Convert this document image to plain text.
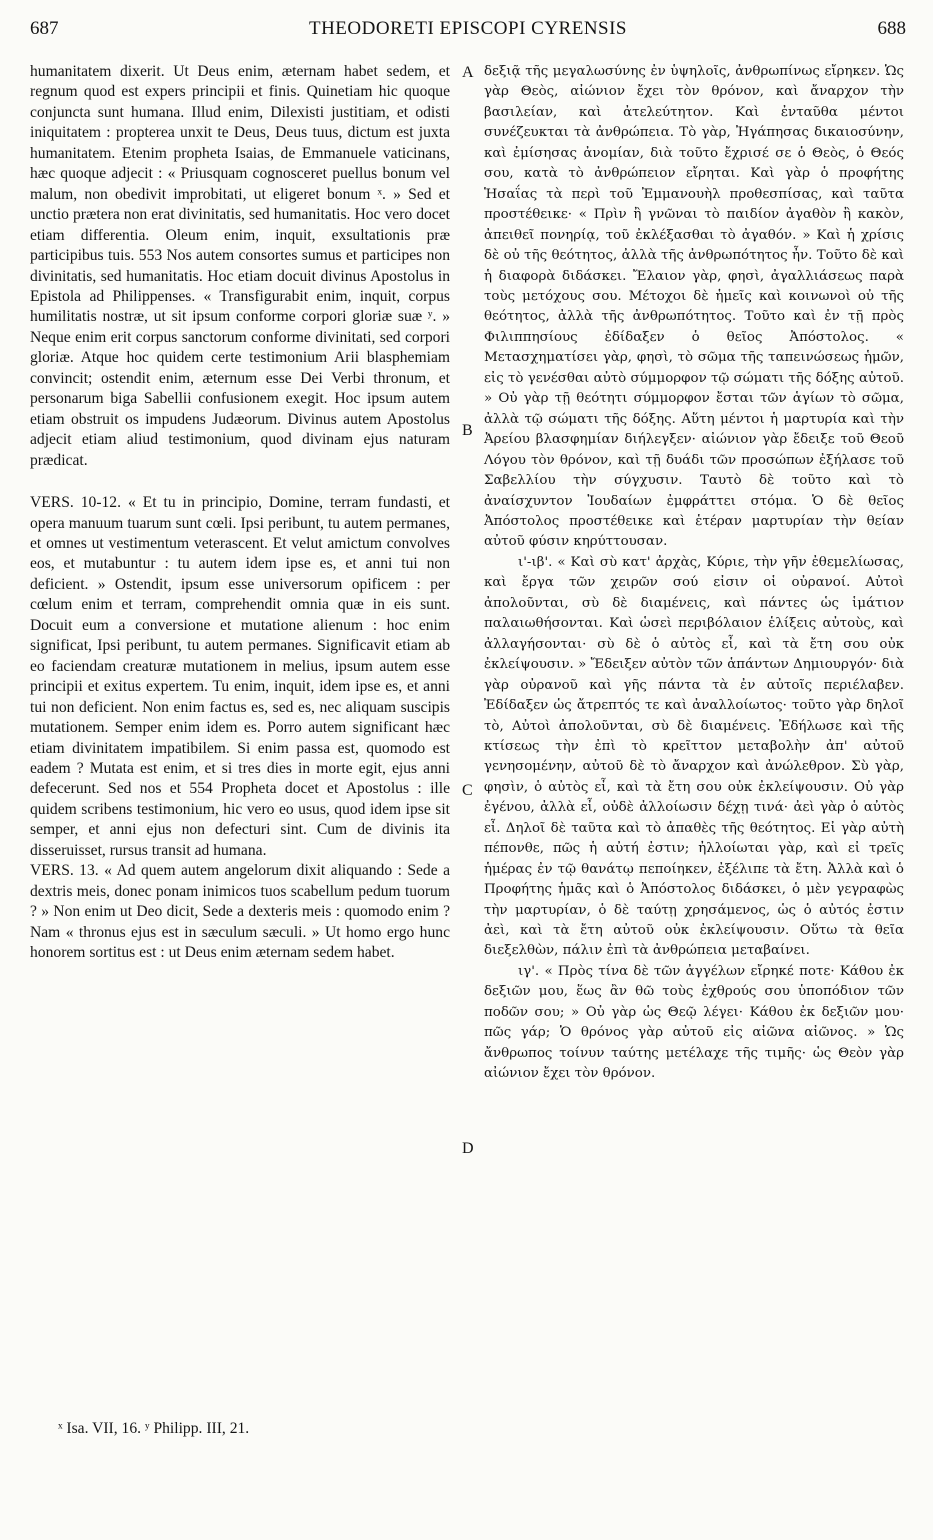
687	THEODORETI EPISCOPI CYRENSIS	688

humanitatem dixerit. Ut Deus enim, æternam habet sedem, et regnum quod est expers principii et finis. Quinetiam hic quoque conjuncta sunt humana. Illud enim, Dilexisti justitiam, et odisti iniquitatem : propterea unxit te Deus, Deus tuus, dictum est juxta humanitatem. Etenim propheta Isaias, de Emmanuele vaticinans, hæc quoque adjecit : « Priusquam cognosceret puellus bonum vel malum, non obedivit improbitati, ut eligeret bonum ˣ. » Sed et unctio prætera non erat divinitatis, sed humanitatis. Hoc vero docet etiam differentia. Oleum enim, inquit, exsultationis præ participibus tuis. 553 Nos autem consortes sumus et participes non divinitatis, sed humanitatis. Hoc etiam docuit divinus Apostolus in Epistola ad Philippenses. « Transfigurabit enim, inquit, corpus humilitatis nostræ, ut sit ipsum conforme corpori gloriæ suæ ʸ. » Neque enim erit corpus sanctorum conforme divinitati, sed corpori gloriæ. Atque hoc quidem certe testimonium Arii blasphemiam convincit; ostendit enim, æternum esse Dei Verbi thronum, et personarum biga Sabellii confusionem exegit. Hoc ipsum autem etiam obstruit os impudens Judæorum. Divinus autem Apostolus adjecit etiam aliud testimonium, quod divinam ejus naturam prædicat.

VERS. 10-12. « Et tu in principio, Domine, terram fundasti, et opera manuum tuarum sunt cœli. Ipsi peribunt, tu autem permanes, et omnes ut vestimentum veterascent. Et velut amictum convolves eos, et mutabuntur : tu autem idem ipse es, et anni tui non deficient. » Ostendit, ipsum esse universorum opificem : per cœlum enim et terram, comprehendit omnia quæ in eis sunt. Docuit eum a conversione et mutatione alienum : hoc enim significat, Ipsi peribunt, tu autem permanes. Significavit etiam ab eo faciendam creaturæ mutationem in melius, ipsum autem esse principii et exitus expertem. Tu enim, inquit, idem ipse es, et anni tui non deficient. Non enim factus es, sed es, nec aliquam suscipis mutationem. Semper enim idem es. Porro autem significant hæc etiam divinitatem impatibilem. Si enim passa est, quomodo est eadem ? Mutata est enim, et si tres dies in morte egit, ejus anni defecerunt. Sed nos et 554 Propheta docet et Apostolus : ille quidem scribens testimonium, hic vero eo usus, quod idem ipse sit semper, et anni ejus non defecturi sint. Cum de divinis ita disseruisset, rursus transit ad humana.

VERS. 13. « Ad quem autem angelorum dixit aliquando : Sede a dextris meis, donec ponam inimicos tuos scabellum pedum tuorum ? » Non enim ut Deo dicit, Sede a dexteris meis : quomodo enim ? Nam « thronus ejus est in sæculum sæculi. » Ut homo ergo hunc honorem sortitus est : ut Deus enim æternam sedem habet.

A
B
C
D

δεξιᾷ τῆς μεγαλωσύνης ἐν ὑψηλοῖς, ἀνθρωπίνως εἴρηκεν. Ὡς γὰρ Θεὸς, αἰώνιον ἔχει τὸν θρόνον, καὶ ἄναρχον τὴν βασιλείαν, καὶ ἀτελεύτητον. Καὶ ἐνταῦθα μέντοι συνέζευκται τὰ ἀνθρώπεια. Τὸ γὰρ, Ἠγάπησας δικαιοσύνην, καὶ ἐμίσησας ἀνομίαν, διὰ τοῦτο ἔχρισέ σε ὁ Θεὸς, ὁ Θεός σου, κατὰ τὸ ἀνθρώπειον εἴρηται. Καὶ γὰρ ὁ προφήτης Ἡσαΐας τὰ περὶ τοῦ Ἐμμανουὴλ προθεσπίσας, καὶ ταῦτα προστέθεικε· « Πρὶν ἢ γνῶναι τὸ παιδίον ἀγαθὸν ἢ κακὸν, ἀπειθεῖ πονηρίᾳ, τοῦ ἐκλέξασθαι τὸ ἀγαθόν. » Καὶ ἡ χρίσις δὲ οὐ τῆς θεότητος, ἀλλὰ τῆς ἀνθρωπότητος ἦν. Τοῦτο δὲ καὶ ἡ διαφορὰ διδάσκει. Ἔλαιον γὰρ, φησὶ, ἀγαλλιάσεως παρὰ τοὺς μετόχους σου. Μέτοχοι δὲ ἡμεῖς καὶ κοινωνοὶ οὐ τῆς θεότητος, ἀλλὰ τῆς ἀνθρωπότητος. Τοῦτο καὶ ἐν τῇ πρὸς Φιλιππησίους ἐδίδαξεν ὁ θεῖος Ἀπόστολος. « Μετασχηματίσει γὰρ, φησὶ, τὸ σῶμα τῆς ταπεινώσεως ἡμῶν, εἰς τὸ γενέσθαι αὐτὸ σύμμορφον τῷ σώματι τῆς δόξης αὐτοῦ. » Οὐ γὰρ τῇ θεότητι σύμμορφον ἔσται τῶν ἁγίων τὸ σῶμα, ἀλλὰ τῷ σώματι τῆς δόξης. Αὕτη μέντοι ἡ μαρτυρία καὶ τὴν Ἀρείου βλασφημίαν διήλεγξεν· αἰώνιον γὰρ ἔδειξε τοῦ Θεοῦ Λόγου τὸν θρόνον, καὶ τῇ δυάδι τῶν προσώπων ἐξήλασε τοῦ Σαβελλίου τὴν σύγχυσιν. Ταυτὸ δὲ τοῦτο καὶ τὸ ἀναίσχυντον Ἰουδαίων ἐμφράττει στόμα. Ὁ δὲ θεῖος Ἀπόστολος προστέθεικε καὶ ἑτέραν μαρτυρίαν τὴν θείαν αὐτοῦ φύσιν κηρύττουσαν.

ι'-ιβ'. « Καὶ σὺ κατ' ἀρχὰς, Κύριε, τὴν γῆν ἐθεμελίωσας, καὶ ἔργα τῶν χειρῶν σού εἰσιν οἱ οὐρανοί. Αὐτοὶ ἀπολοῦνται, σὺ δὲ διαμένεις, καὶ πάντες ὡς ἱμάτιον παλαιωθήσονται. Καὶ ὡσεὶ περιβόλαιον ἑλίξεις αὐτοὺς, καὶ ἀλλαγήσονται· σὺ δὲ ὁ αὐτὸς εἶ, καὶ τὰ ἔτη σου οὐκ ἐκλείψουσιν. » Ἔδειξεν αὐτὸν τῶν ἁπάντων Δημιουργόν· διὰ γὰρ οὐρανοῦ καὶ γῆς πάντα τὰ ἐν αὐτοῖς περιέλαβεν. Ἐδίδαξεν ὡς ἄτρεπτός τε καὶ ἀναλλοίωτος· τοῦτο γὰρ δηλοῖ τὸ, Αὐτοὶ ἀπολοῦνται, σὺ δὲ διαμένεις. Ἐδήλωσε καὶ τῆς κτίσεως τὴν ἐπὶ τὸ κρεῖττον μεταβολὴν ἀπ' αὐτοῦ γενησομένην, αὐτοῦ δὲ τὸ ἄναρχον καὶ ἀνώλεθρον. Σὺ γὰρ, φησὶν, ὁ αὐτὸς εἶ, καὶ τὰ ἔτη σου οὐκ ἐκλείψουσιν. Οὐ γὰρ ἐγένου, ἀλλὰ εἶ, οὐδὲ ἀλλοίωσιν δέχῃ τινά· ἀεὶ γὰρ ὁ αὐτὸς εἶ. Δηλοῖ δὲ ταῦτα καὶ τὸ ἀπαθὲς τῆς θεότητος. Εἰ γὰρ αὐτὴ πέπονθε, πῶς ἡ αὐτή ἐστιν; ἠλλοίωται γὰρ, καὶ εἰ τρεῖς ἡμέρας ἐν τῷ θανάτῳ πεποίηκεν, ἐξέλιπε τὰ ἔτη. Ἀλλὰ καὶ ὁ Προφήτης ἡμᾶς καὶ ὁ Ἀπόστολος διδάσκει, ὁ μὲν γεγραφὼς τὴν μαρτυρίαν, ὁ δὲ ταύτῃ χρησάμενος, ὡς ὁ αὐτός ἐστιν ἀεὶ, καὶ τὰ ἔτη αὐτοῦ οὐκ ἐκλείψουσιν. Οὕτω τὰ θεῖα διεξελθὼν, πάλιν ἐπὶ τὰ ἀνθρώπεια μεταβαίνει.

ιγ'. « Πρὸς τίνα δὲ τῶν ἀγγέλων εἴρηκέ ποτε· Κάθου ἐκ δεξιῶν μου, ἕως ἂν θῶ τοὺς ἐχθρούς σου ὑποπόδιον τῶν ποδῶν σου; » Οὐ γὰρ ὡς Θεῷ λέγει· Κάθου ἐκ δεξιῶν μου· πῶς γάρ; Ὁ θρόνος γὰρ αὐτοῦ εἰς αἰῶνα αἰῶνος. » Ὡς ἄνθρωπος τοίνυν ταύτης μετέλαχε τῆς τιμῆς· ὡς Θεὸν γὰρ αἰώνιον ἔχει τὸν θρόνον.

ˣ Isa. VII, 16. ʸ Philipp. III, 21.
